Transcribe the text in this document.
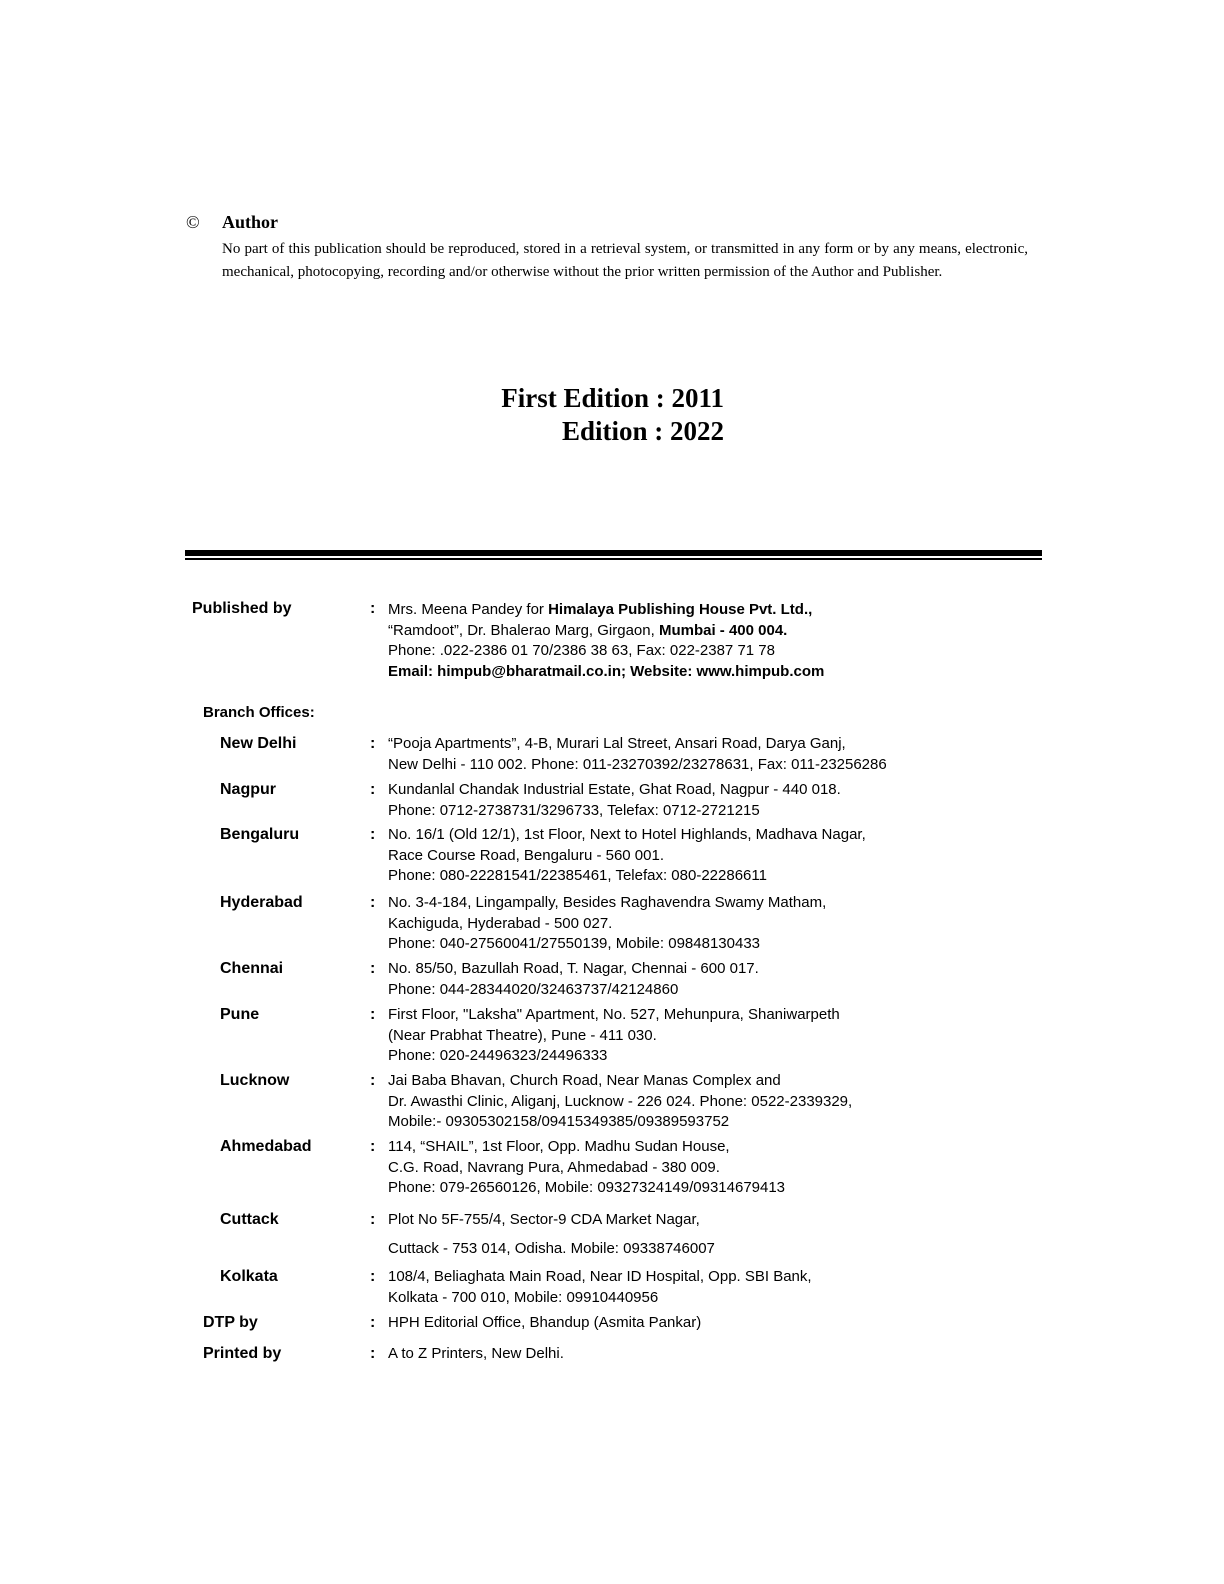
© Author
No part of this publication should be reproduced, stored in a retrieval system, or transmitted in any form or by any means, electronic, mechanical, photocopying, recording and/or otherwise without the prior written permission of the Author and Publisher.
First Edition : 2011
Edition : 2022
Published by	: Mrs. Meena Pandey for Himalaya Publishing House Pvt. Ltd.,
“Ramdoot”, Dr. Bhalerao Marg, Girgaon, Mumbai - 400 004.
Phone: .022-2386 01 70/2386 38 63, Fax: 022-2387 71 78
Email: himpub@bharatmail.co.in; Website: www.himpub.com
Branch Offices:
New Delhi	: “Pooja Apartments”, 4-B, Murari Lal Street, Ansari Road, Darya Ganj,
New Delhi - 110 002. Phone: 011-23270392/23278631, Fax: 011-23256286
Nagpur	: Kundanlal Chandak Industrial Estate, Ghat Road, Nagpur - 440 018.
Phone: 0712-2738731/3296733, Telefax: 0712-2721215
Bengaluru	: No. 16/1 (Old 12/1), 1st Floor, Next to Hotel Highlands, Madhava Nagar,
Race Course Road, Bengaluru - 560 001.
Phone: 080-22281541/22385461, Telefax: 080-22286611
Hyderabad	: No. 3-4-184, Lingampally, Besides Raghavendra Swamy Matham,
Kachiguda, Hyderabad - 500 027.
Phone: 040-27560041/27550139, Mobile: 09848130433
Chennai	: No. 85/50, Bazullah Road, T. Nagar, Chennai - 600 017.
Phone: 044-28344020/32463737/42124860
Pune	: First Floor, "Laksha" Apartment, No. 527, Mehunpura, Shaniwarpeth
(Near Prabhat Theatre), Pune - 411 030.
Phone: 020-24496323/24496333
Lucknow	: Jai Baba Bhavan, Church Road, Near Manas Complex and
Dr. Awasthi Clinic, Aliganj, Lucknow - 226 024. Phone: 0522-2339329,
Mobile:- 09305302158/09415349385/09389593752
Ahmedabad	: 114, “SHAIL”, 1st Floor, Opp. Madhu Sudan House,
C.G. Road, Navrang Pura, Ahmedabad - 380 009.
Phone: 079-26560126, Mobile: 09327324149/09314679413
Cuttack	: Plot No 5F-755/4, Sector-9 CDA Market Nagar,
Cuttack - 753 014, Odisha. Mobile: 09338746007
Kolkata	: 108/4, Beliaghata Main Road, Near ID Hospital, Opp. SBI Bank,
Kolkata - 700 010, Mobile: 09910440956
DTP by	: HPH Editorial Office, Bhandup (Asmita Pankar)
Printed by	: A to Z Printers, New Delhi.
